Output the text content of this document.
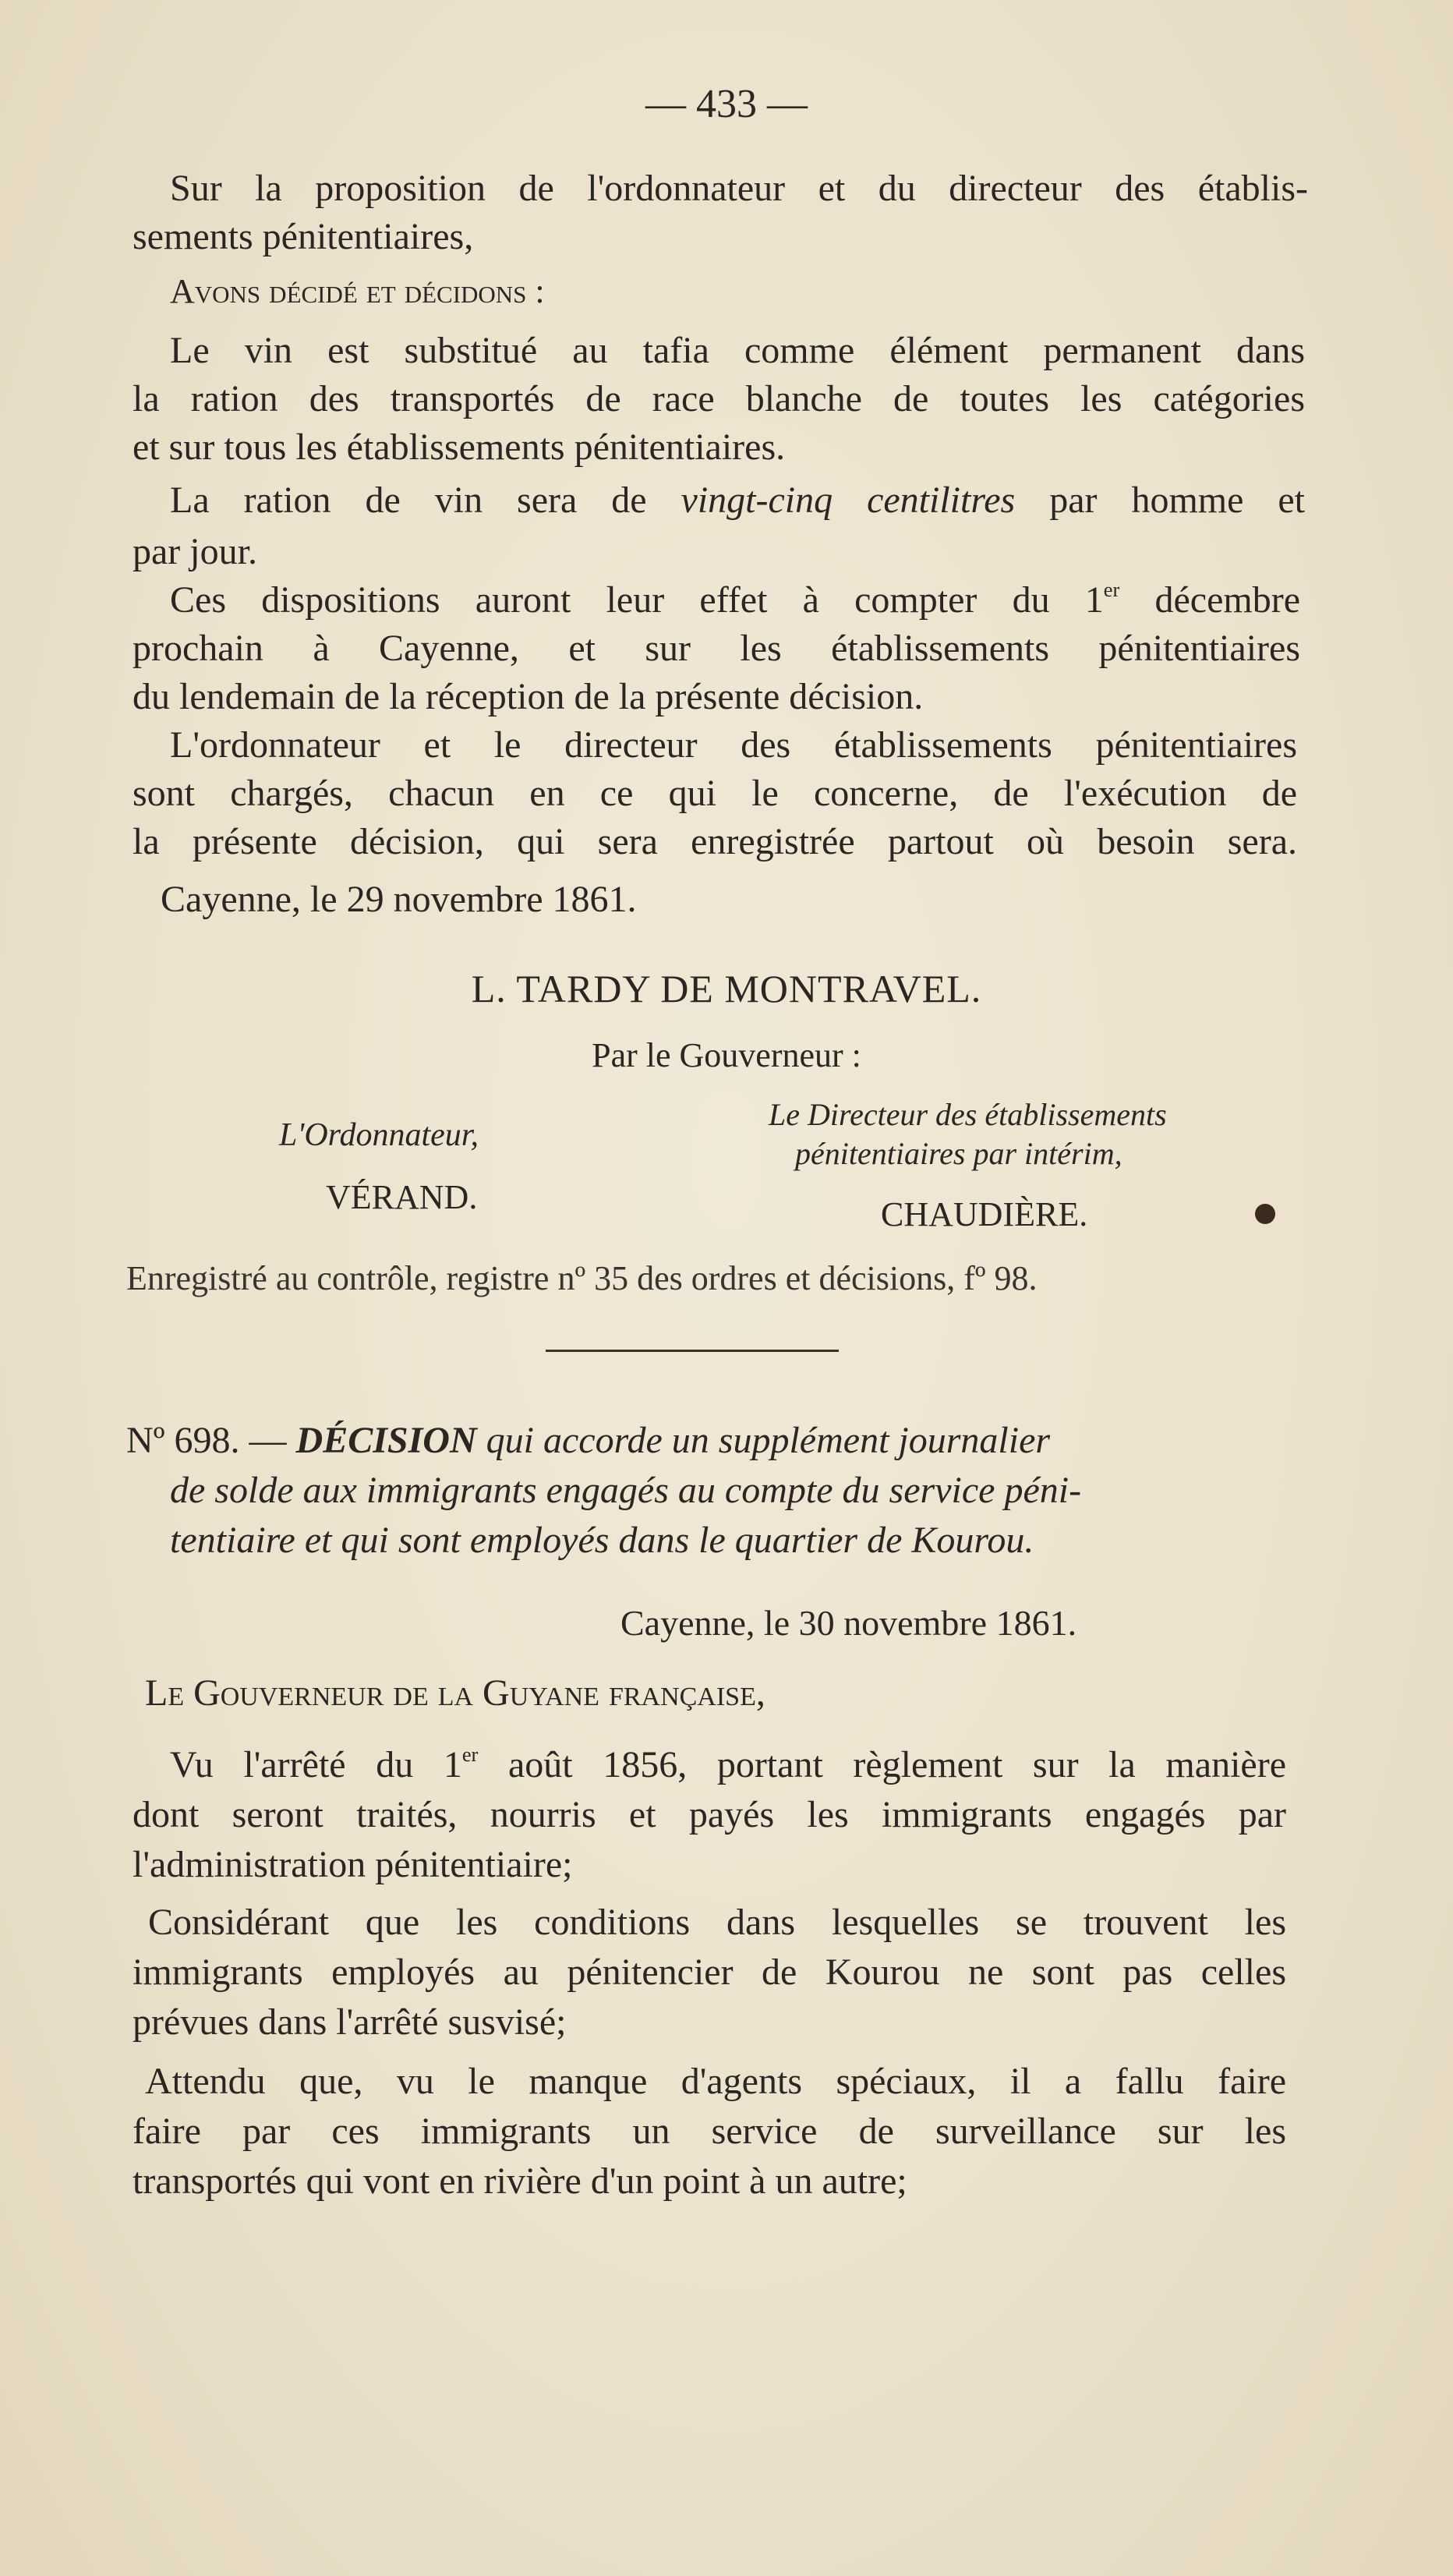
— 433 —
Sur la proposition de l'ordonnateur et du directeur des établis-
sements pénitentiaires,
Avons décidé et décidons :
Le vin est substitué au tafia comme élément permanent dans
la ration des transportés de race blanche de toutes les catégories
et sur tous les établissements pénitentiaires.
La ration de vin sera de vingt-cinq centilitres par homme et
par jour.
Ces dispositions auront leur effet à compter du 1er décembre
prochain à Cayenne, et sur les établissements pénitentiaires
du lendemain de la réception de la présente décision.
L'ordonnateur et le directeur des établissements pénitentiaires
sont chargés, chacun en ce qui le concerne, de l'exécution de
la présente décision, qui sera enregistrée partout où besoin sera.
Cayenne, le 29 novembre 1861.
L. TARDY DE MONTRAVEL.
Par le Gouverneur :
L'Ordonnateur,
VÉRAND.
Le Directeur des établissements
pénitentiaires par intérim,
CHAUDIÈRE.
Enregistré au contrôle, registre nº 35 des ordres et décisions, fº 98.
Nº 698. — DÉCISION qui accorde un supplément journalier
de solde aux immigrants engagés au compte du service péni-
tentiaire et qui sont employés dans le quartier de Kourou.
Cayenne, le 30 novembre 1861.
Le Gouverneur de la Guyane française,
Vu l'arrêté du 1er août 1856, portant règlement sur la manière
dont seront traités, nourris et payés les immigrants engagés par
l'administration pénitentiaire;
Considérant que les conditions dans lesquelles se trouvent les
immigrants employés au pénitencier de Kourou ne sont pas celles
prévues dans l'arrêté susvisé;
Attendu que, vu le manque d'agents spéciaux, il a fallu faire
faire par ces immigrants un service de surveillance sur les
transportés qui vont en rivière d'un point à un autre;
